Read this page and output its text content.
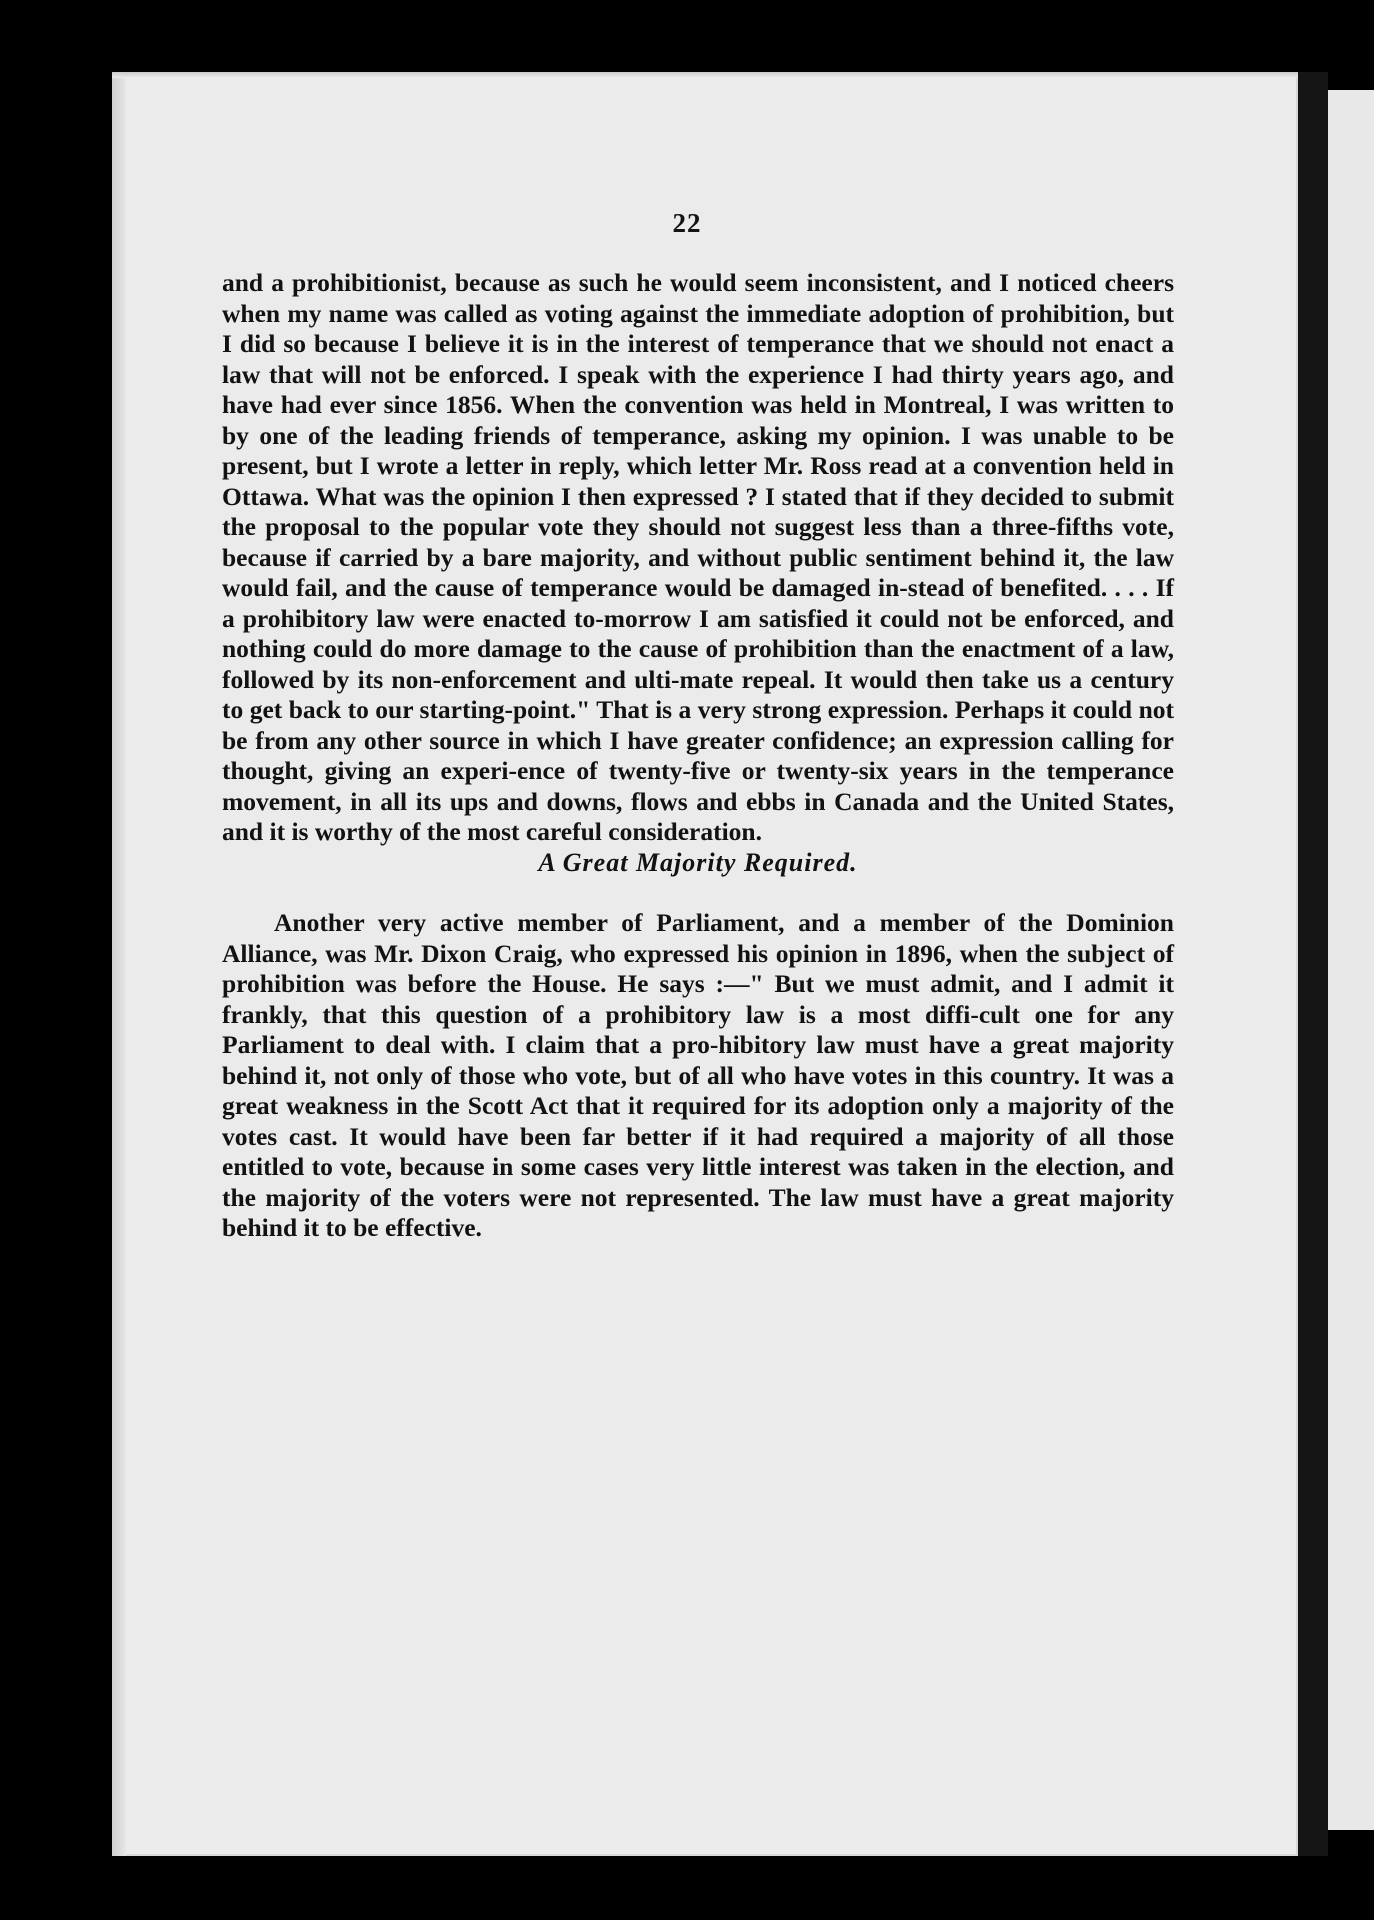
22

and a prohibitionist, because as such he would seem inconsistent, and I noticed cheers when my name was called as voting against the immediate adoption of prohibition, but I did so because I believe it is in the interest of temperance that we should not enact a law that will not be enforced. I speak with the experience I had thirty years ago, and have had ever since 1856. When the convention was held in Montreal, I was written to by one of the leading friends of temperance, asking my opinion. I was unable to be present, but I wrote a letter in reply, which letter Mr. Ross read at a convention held in Ottawa. What was the opinion I then expressed ? I stated that if they decided to submit the proposal to the popular vote they should not suggest less than a three-fifths vote, because if carried by a bare majority, and without public sentiment behind it, the law would fail, and the cause of temperance would be damaged in-stead of benefited. . . . If a prohibitory law were enacted to-morrow I am satisfied it could not be enforced, and nothing could do more damage to the cause of prohibition than the enactment of a law, followed by its non-enforcement and ulti-mate repeal. It would then take us a century to get back to our starting-point." That is a very strong expression. Perhaps it could not be from any other source in which I have greater confidence; an expression calling for thought, giving an experi-ence of twenty-five or twenty-six years in the temperance movement, in all its ups and downs, flows and ebbs in Canada and the United States, and it is worthy of the most careful consideration.

A Great Majority Required.

Another very active member of Parliament, and a member of the Dominion Alliance, was Mr. Dixon Craig, who expressed his opinion in 1896, when the subject of prohibition was before the House. He says :—" But we must admit, and I admit it frankly, that this question of a prohibitory law is a most diffi-cult one for any Parliament to deal with. I claim that a pro-hibitory law must have a great majority behind it, not only of those who vote, but of all who have votes in this country. It was a great weakness in the Scott Act that it required for its adoption only a majority of the votes cast. It would have been far better if it had required a majority of all those entitled to vote, because in some cases very little interest was taken in the election, and the majority of the voters were not represented. The law must have a great majority behind it to be effective.
